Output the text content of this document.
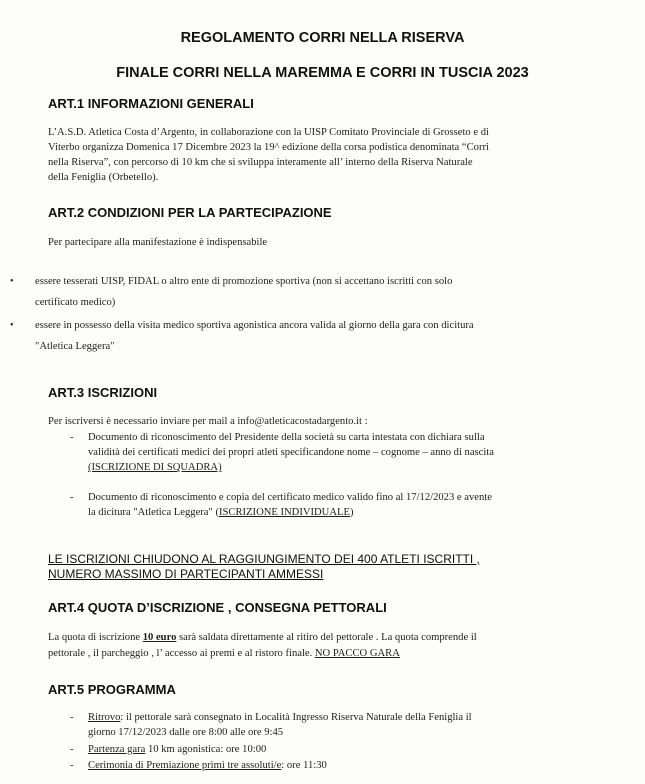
REGOLAMENTO CORRI NELLA RISERVA
FINALE CORRI NELLA MAREMMA E CORRI IN TUSCIA 2023
ART.1 INFORMAZIONI GENERALI
L’A.S.D. Atletica Costa d’Argento, in collaborazione con la UISP Comitato Provinciale di Grosseto e di
Viterbo organizza Domenica 17 Dicembre 2023 la 19^ edizione della corsa podistica denominata “Corri
nella Riserva”, con percorso di 10 km che si sviluppa interamente all’ interno della Riserva Naturale
della Feniglia (Orbetello).
ART.2 CONDIZIONI PER LA PARTECIPAZIONE
Per partecipare alla manifestazione è indispensabile
• essere tesserati UISP, FIDAL o altro ente di promozione sportiva (non si accettano iscritti con solo
certificato medico)
• essere in possesso della visita medico sportiva agonistica ancora valida al giorno della gara con dicitura
"Atletica Leggera"
ART.3 ISCRIZIONI
Per iscriversi è necessario inviare per mail a info@atleticacostadargento.it :
- Documento di riconoscimento del Presidente della società su carta intestata con dichiara sulla
validità dei certificati medici dei propri atleti specificandone nome – cognome – anno di nascita
(ISCRIZIONE DI SQUADRA)
- Documento di riconoscimento e copia del certificato medico valido fino al 17/12/2023 e avente
la dicitura "Atletica Leggera" (ISCRIZIONE INDIVIDUALE)
LE ISCRIZIONI CHIUDONO AL RAGGIUNGIMENTO DEI 400 ATLETI ISCRITTI ,
NUMERO MASSIMO DI PARTECIPANTI AMMESSI
ART.4 QUOTA D’ISCRIZIONE , CONSEGNA PETTORALI
La quota di iscrizione 10 euro sarà saldata direttamente al ritiro del pettorale . La quota comprende il
pettorale , il parcheggio , l’ accesso ai premi e al ristoro finale. NO PACCO GARA
ART.5 PROGRAMMA
- Ritrovo: il pettorale sarà consegnato in Località Ingresso Riserva Naturale della Feniglia il
giorno 17/12/2023 dalle ore 8:00 alle ore 9:45
- Partenza gara 10 km agonistica: ore 10:00
- Cerimonia di Premiazione primi tre assoluti/e: ore 11:30
